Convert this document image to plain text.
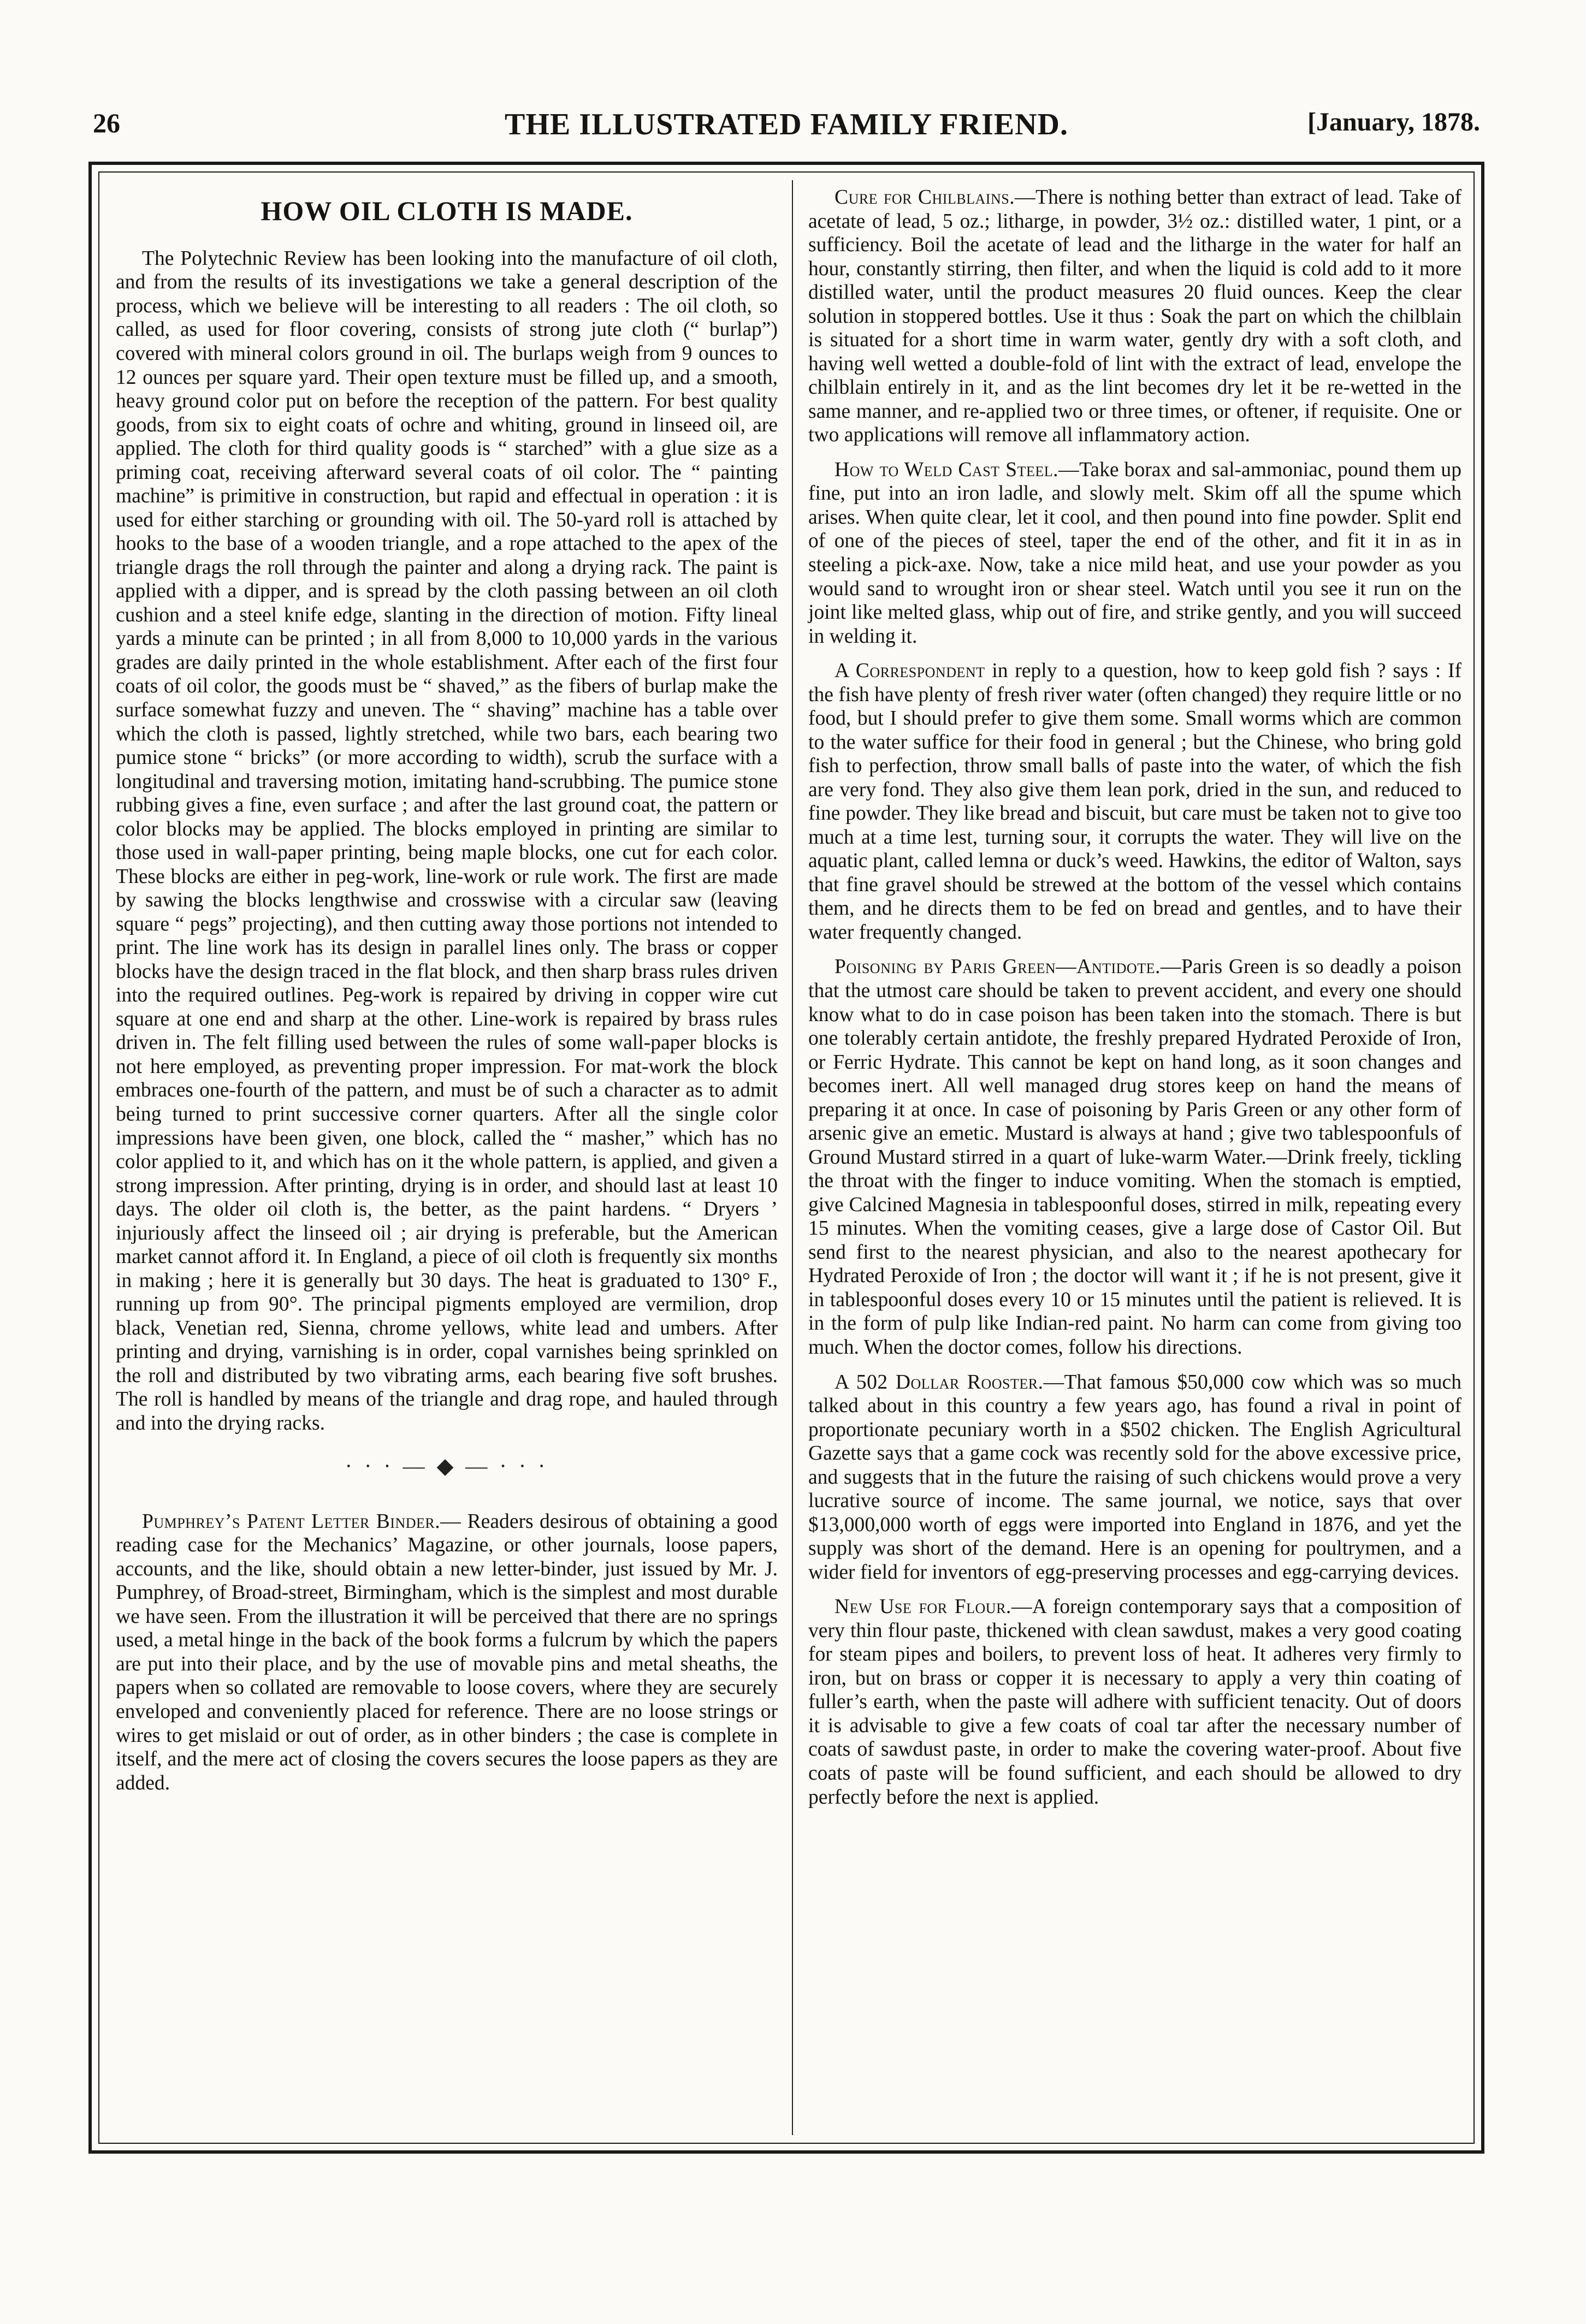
26	THE ILLUSTRATED FAMILY FRIEND.	[January, 1878.
HOW OIL CLOTH IS MADE.

The Polytechnic Review has been looking into the manufacture of oil cloth, and from the results of its investigations we take a general description of the process, which we believe will be interesting to all readers : The oil cloth, so called, as used for floor covering, consists of strong jute cloth (“ burlap”) covered with mineral colors ground in oil. The burlaps weigh from 9 ounces to 12 ounces per square yard. Their open texture must be filled up, and a smooth, heavy ground color put on before the reception of the pattern. For best quality goods, from six to eight coats of ochre and whiting, ground in linseed oil, are applied. The cloth for third quality goods is “ starched” with a glue size as a priming coat, receiving afterward several coats of oil color. The “ painting machine” is primitive in construction, but rapid and effectual in operation : it is used for either starching or grounding with oil. The 50-yard roll is attached by hooks to the base of a wooden triangle, and a rope attached to the apex of the triangle drags the roll through the painter and along a drying rack. The paint is applied with a dipper, and is spread by the cloth passing between an oil cloth cushion and a steel knife edge, slanting in the direction of motion. Fifty lineal yards a minute can be printed ; in all from 8,000 to 10,000 yards in the various grades are daily printed in the whole establishment. After each of the first four coats of oil color, the goods must be “ shaved,” as the fibers of burlap make the surface somewhat fuzzy and uneven. The “ shaving” machine has a table over which the cloth is passed, lightly stretched, while two bars, each bearing two pumice stone “ bricks” (or more according to width), scrub the surface with a longitudinal and traversing motion, imitating hand-scrubbing. The pumice stone rubbing gives a fine, even surface ; and after the last ground coat, the pattern or color blocks may be applied. The blocks employed in printing are similar to those used in wall-paper printing, being maple blocks, one cut for each color. These blocks are either in peg-work, line-work or rule work. The first are made by sawing the blocks lengthwise and crosswise with a circular saw (leaving square “ pegs” projecting), and then cutting away those portions not intended to print. The line work has its design in parallel lines only. The brass or copper blocks have the design traced in the flat block, and then sharp brass rules driven into the required outlines. Peg-work is repaired by driving in copper wire cut square at one end and sharp at the other. Line-work is repaired by brass rules driven in. The felt filling used between the rules of some wall-paper blocks is not here employed, as preventing proper impression. For mat-work the block embraces one-fourth of the pattern, and must be of such a character as to admit being turned to print successive corner quarters. After all the single color impressions have been given, one block, called the “ masher,” which has no color applied to it, and which has on it the whole pattern, is applied, and given a strong impression. After printing, drying is in order, and should last at least 10 days. The older oil cloth is, the better, as the paint hardens. “ Dryers ’ injuriously affect the linseed oil ; air drying is preferable, but the American market cannot afford it. In England, a piece of oil cloth is frequently six months in making ; here it is generally but 30 days. The heat is graduated to 130° F., running up from 90°. The principal pigments employed are vermilion, drop black, Venetian red, Sienna, chrome yellows, white lead and umbers. After printing and drying, varnishing is in order, copal varnishes being sprinkled on the roll and distributed by two vibrating arms, each bearing five soft brushes. The roll is handled by means of the triangle and drag rope, and hauled through and into the drying racks.

· · · — ◆ — · · ·

Pumphrey’s Patent Letter Binder.— Readers desirous of obtaining a good reading case for the Mechanics’ Magazine, or other journals, loose papers, accounts, and the like, should obtain a new letter-binder, just issued by Mr. J. Pumphrey, of Broad-street, Birmingham, which is the simplest and most durable we have seen. From the illustration it will be perceived that there are no springs used, a metal hinge in the back of the book forms a fulcrum by which the papers are put into their place, and by the use of movable pins and metal sheaths, the papers when so collated are removable to loose covers, where they are securely enveloped and conveniently placed for reference. There are no loose strings or wires to get mislaid or out of order, as in other binders ; the case is complete in itself, and the mere act of closing the covers secures the loose papers as they are added.

Cure for Chilblains.—There is nothing better than extract of lead. Take of acetate of lead, 5 oz.; litharge, in powder, 3½ oz.: distilled water, 1 pint, or a sufficiency. Boil the acetate of lead and the litharge in the water for half an hour, constantly stirring, then filter, and when the liquid is cold add to it more distilled water, until the product measures 20 fluid ounces. Keep the clear solution in stoppered bottles. Use it thus : Soak the part on which the chilblain is situated for a short time in warm water, gently dry with a soft cloth, and having well wetted a double-fold of lint with the extract of lead, envelope the chilblain entirely in it, and as the lint becomes dry let it be re-wetted in the same manner, and re-applied two or three times, or oftener, if requisite. One or two applications will remove all inflammatory action.

How to Weld Cast Steel.—Take borax and sal-ammoniac, pound them up fine, put into an iron ladle, and slowly melt. Skim off all the spume which arises. When quite clear, let it cool, and then pound into fine powder. Split end of one of the pieces of steel, taper the end of the other, and fit it in as in steeling a pick-axe. Now, take a nice mild heat, and use your powder as you would sand to wrought iron or shear steel. Watch until you see it run on the joint like melted glass, whip out of fire, and strike gently, and you will succeed in welding it.

A Correspondent in reply to a question, how to keep gold fish ? says : If the fish have plenty of fresh river water (often changed) they require little or no food, but I should prefer to give them some. Small worms which are common to the water suffice for their food in general ; but the Chinese, who bring gold fish to perfection, throw small balls of paste into the water, of which the fish are very fond. They also give them lean pork, dried in the sun, and reduced to fine powder. They like bread and biscuit, but care must be taken not to give too much at a time lest, turning sour, it corrupts the water. They will live on the aquatic plant, called lemna or duck’s weed. Hawkins, the editor of Walton, says that fine gravel should be strewed at the bottom of the vessel which contains them, and he directs them to be fed on bread and gentles, and to have their water frequently changed.

Poisoning by Paris Green—Antidote.—Paris Green is so deadly a poison that the utmost care should be taken to prevent accident, and every one should know what to do in case poison has been taken into the stomach. There is but one tolerably certain antidote, the freshly prepared Hydrated Peroxide of Iron, or Ferric Hydrate. This cannot be kept on hand long, as it soon changes and becomes inert. All well managed drug stores keep on hand the means of preparing it at once. In case of poisoning by Paris Green or any other form of arsenic give an emetic. Mustard is always at hand ; give two tablespoonfuls of Ground Mustard stirred in a quart of luke-warm Water.—Drink freely, tickling the throat with the finger to induce vomiting. When the stomach is emptied, give Calcined Magnesia in tablespoonful doses, stirred in milk, repeating every 15 minutes. When the vomiting ceases, give a large dose of Castor Oil. But send first to the nearest physician, and also to the nearest apothecary for Hydrated Peroxide of Iron ; the doctor will want it ; if he is not present, give it in tablespoonful doses every 10 or 15 minutes until the patient is relieved. It is in the form of pulp like Indian-red paint. No harm can come from giving too much. When the doctor comes, follow his directions.

A 502 Dollar Rooster.—That famous $50,000 cow which was so much talked about in this country a few years ago, has found a rival in point of proportionate pecuniary worth in a $502 chicken. The English Agricultural Gazette says that a game cock was recently sold for the above excessive price, and suggests that in the future the raising of such chickens would prove a very lucrative source of income. The same journal, we notice, says that over $13,000,000 worth of eggs were imported into England in 1876, and yet the supply was short of the demand. Here is an opening for poultrymen, and a wider field for inventors of egg-preserving processes and egg-carrying devices.

New Use for Flour.—A foreign contemporary says that a composition of very thin flour paste, thickened with clean sawdust, makes a very good coating for steam pipes and boilers, to prevent loss of heat. It adheres very firmly to iron, but on brass or copper it is necessary to apply a very thin coating of fuller’s earth, when the paste will adhere with sufficient tenacity. Out of doors it is advisable to give a few coats of coal tar after the necessary number of coats of sawdust paste, in order to make the covering water-proof. About five coats of paste will be found sufficient, and each should be allowed to dry perfectly before the next is applied.
